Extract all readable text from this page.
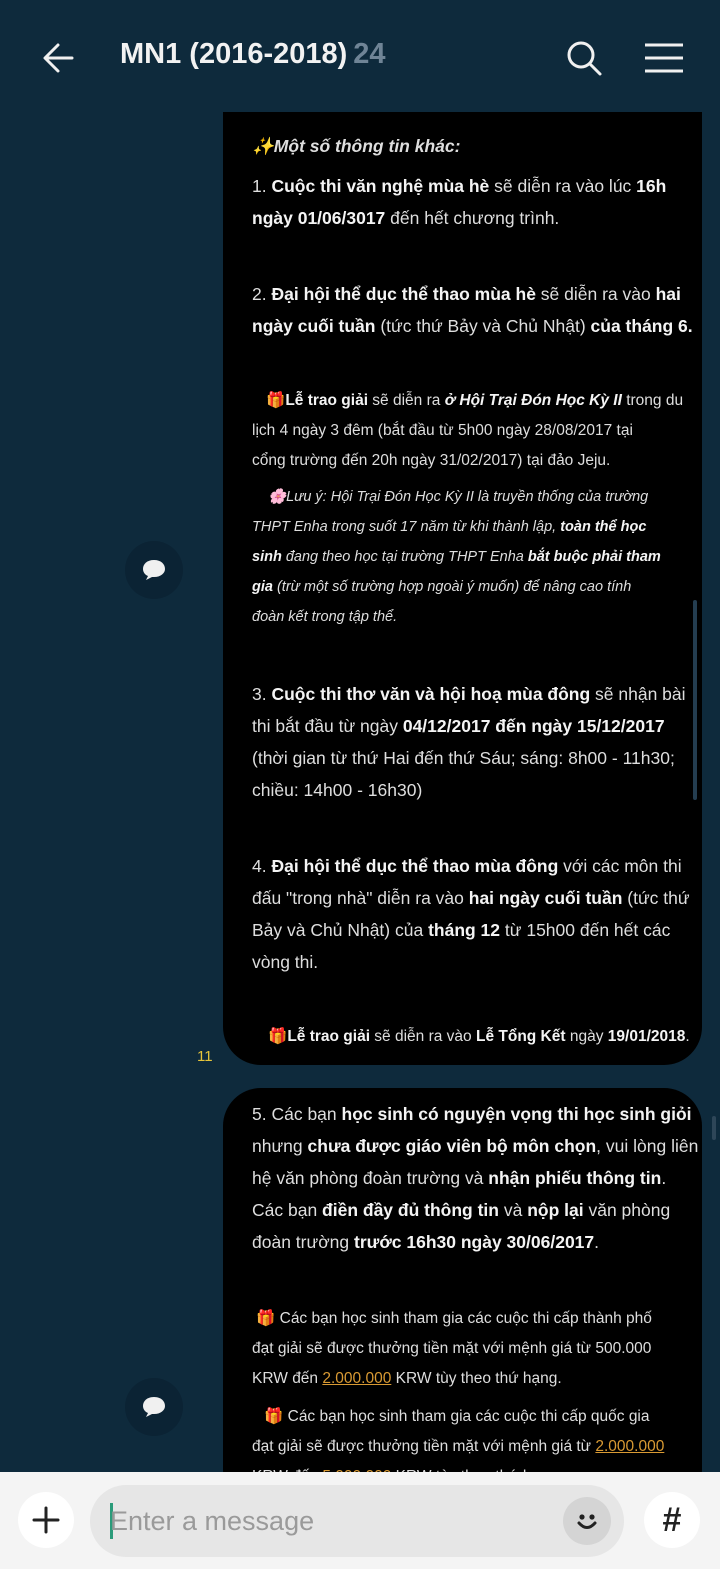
MN1 (2016-2018) 24
✨Một số thông tin khác:
1. Cuộc thi văn nghệ mùa hè sẽ diễn ra vào lúc 16h
ngày 01/06/3017 đến hết chương trình.
2. Đại hội thể dục thể thao mùa hè sẽ diễn ra vào hai
ngày cuối tuần (tức thứ Bảy và Chủ Nhật) của tháng 6.
🎁Lễ trao giải sẽ diễn ra ở Hội Trại Đón Học Kỳ II trong du
lịch 4 ngày 3 đêm (bắt đầu từ 5h00 ngày 28/08/2017 tại
cổng trường đến 20h ngày 31/02/2017) tại đảo Jeju.
🌸Lưu ý: Hội Trại Đón Học Kỳ II là truyền thống của trường
THPT Enha trong suốt 17 năm từ khi thành lập, toàn thể học
sinh đang theo học tại trường THPT Enha bắt buộc phải tham
gia (trừ một số trường hợp ngoài ý muốn) để nâng cao tính
đoàn kết trong tập thể.
3. Cuộc thi thơ văn và hội hoạ mùa đông sẽ nhận bài
thi bắt đầu từ ngày 04/12/2017 đến ngày 15/12/2017
(thời gian từ thứ Hai đến thứ Sáu; sáng: 8h00 - 11h30;
chiều: 14h00 - 16h30)
4. Đại hội thể dục thể thao mùa đông với các môn thi
đấu "trong nhà" diễn ra vào hai ngày cuối tuần (tức thứ
Bảy và Chủ Nhật) của tháng 12 từ 15h00 đến hết các
vòng thi.
🎁Lễ trao giải sẽ diễn ra vào Lễ Tổng Kết ngày 19/01/2018.
11
5. Các bạn học sinh có nguyện vọng thi học sinh giỏi
nhưng chưa được giáo viên bộ môn chọn, vui lòng liên
hệ văn phòng đoàn trường và nhận phiếu thông tin.
Các bạn điền đầy đủ thông tin và nộp lại văn phòng
đoàn trường trước 16h30 ngày 30/06/2017.
🎁 Các bạn học sinh tham gia các cuộc thi cấp thành phố
đạt giải sẽ được thưởng tiền mặt với mệnh giá từ 500.000
KRW đến 2.000.000 KRW tùy theo thứ hạng.
🎁 Các bạn học sinh tham gia các cuộc thi cấp quốc gia
đạt giải sẽ được thưởng tiền mặt với mệnh giá từ 2.000.000
Enter a message	#
